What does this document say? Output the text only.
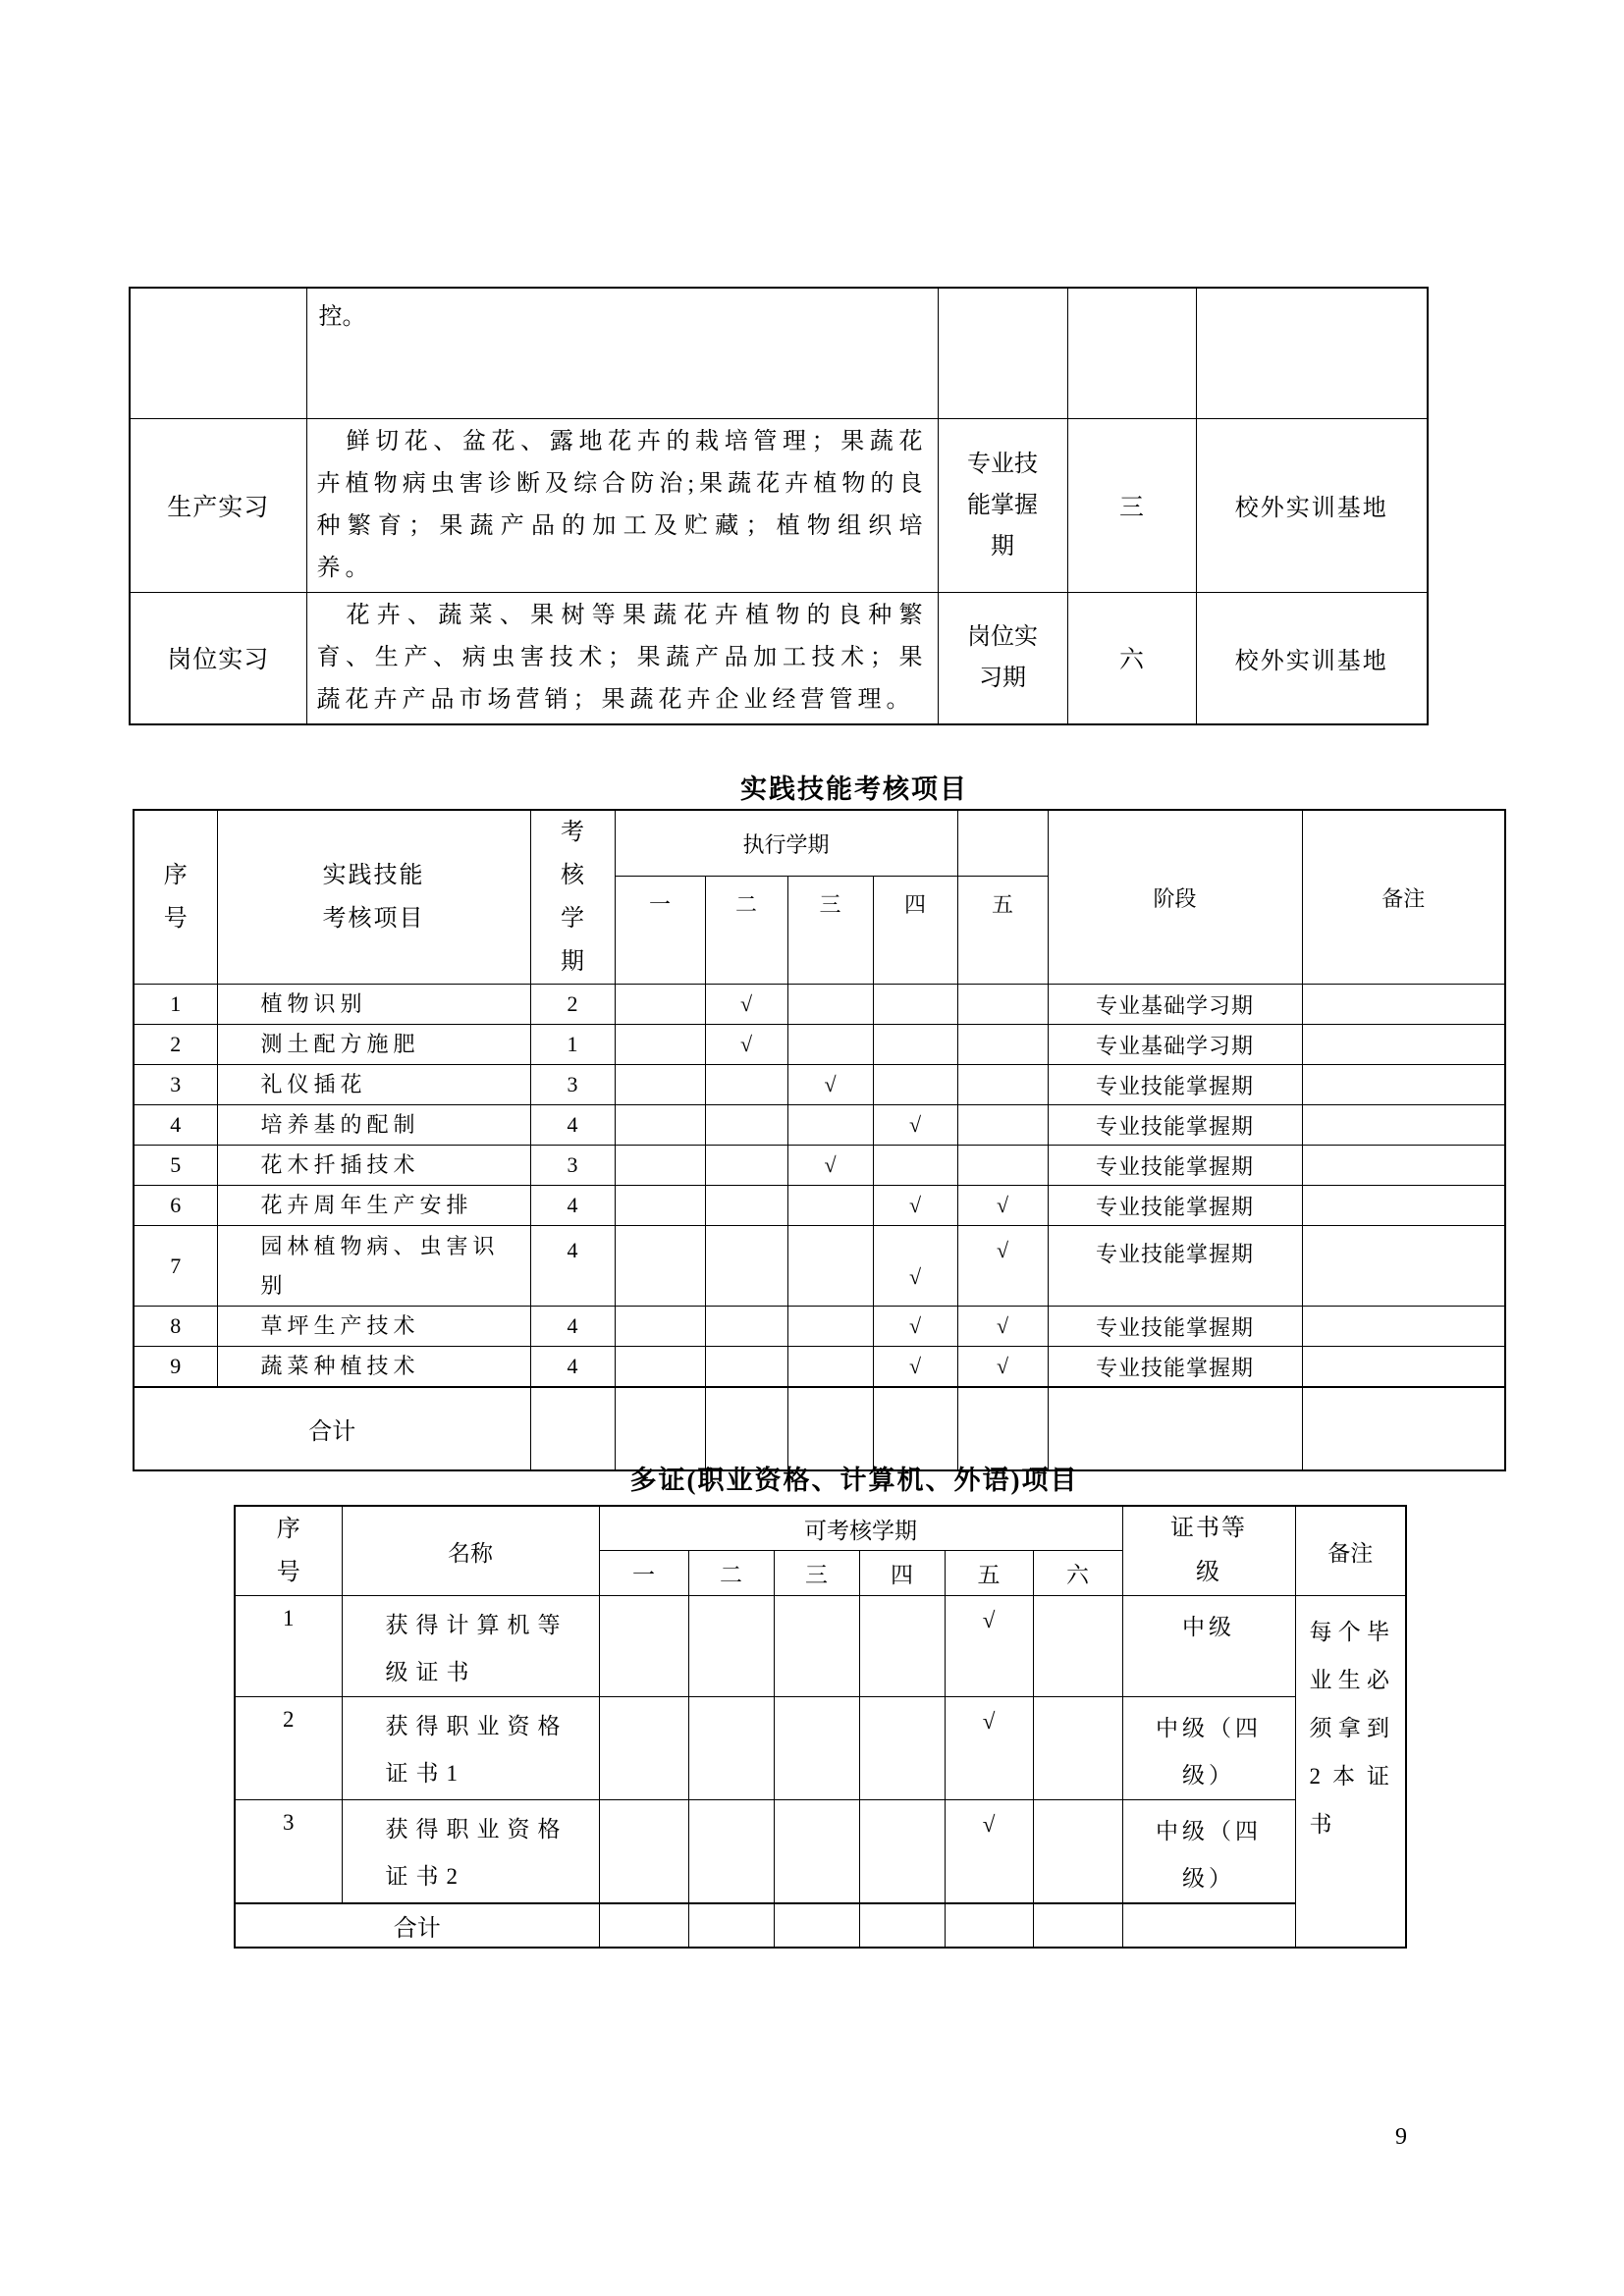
	控。			
生产实习	鲜切花、盆花、露地花卉的栽培管理；果蔬花卉植物病虫害诊断及综合防治;果蔬花卉植物的良种繁育；果蔬产品的加工及贮藏；植物组织培养。	专业技能掌握期	三	校外实训基地
岗位实习	花卉、蔬菜、果树等果蔬花卉植物的良种繁育、生产、病虫害技术；果蔬产品加工技术；果蔬花卉产品市场营销；果蔬花卉企业经营管理。	岗位实习期	六	校外实训基地
实践技能考核项目
序号	实践技能考核项目	考核学期	执行学期					阶段	备注
			一	二	三	四	五		
1	植物识别	2		√				专业基础学习期	
2	测土配方施肥	1		√				专业基础学习期	
3	礼仪插花	3			√			专业技能掌握期	
4	培养基的配制	4				√		专业技能掌握期	
5	花木扦插技术	3			√			专业技能掌握期	
6	花卉周年生产安排	4				√	√	专业技能掌握期	
7	园林植物病、虫害识别	4				√	√	专业技能掌握期	
8	草坪生产技术	4				√	√	专业技能掌握期	
9	蔬菜种植技术	4				√	√	专业技能掌握期	
合计									
多证(职业资格、计算机、外语)项目
序号	名称	可考核学期						证书等级	备注
		一	二	三	四	五	六		
1	获得计算机等级证书					√		中级	每个毕业生必须拿到2本证书
2	获得职业资格证书1					√		中级（四级）	
3	获得职业资格证书2					√		中级（四级）	
合计									
9
